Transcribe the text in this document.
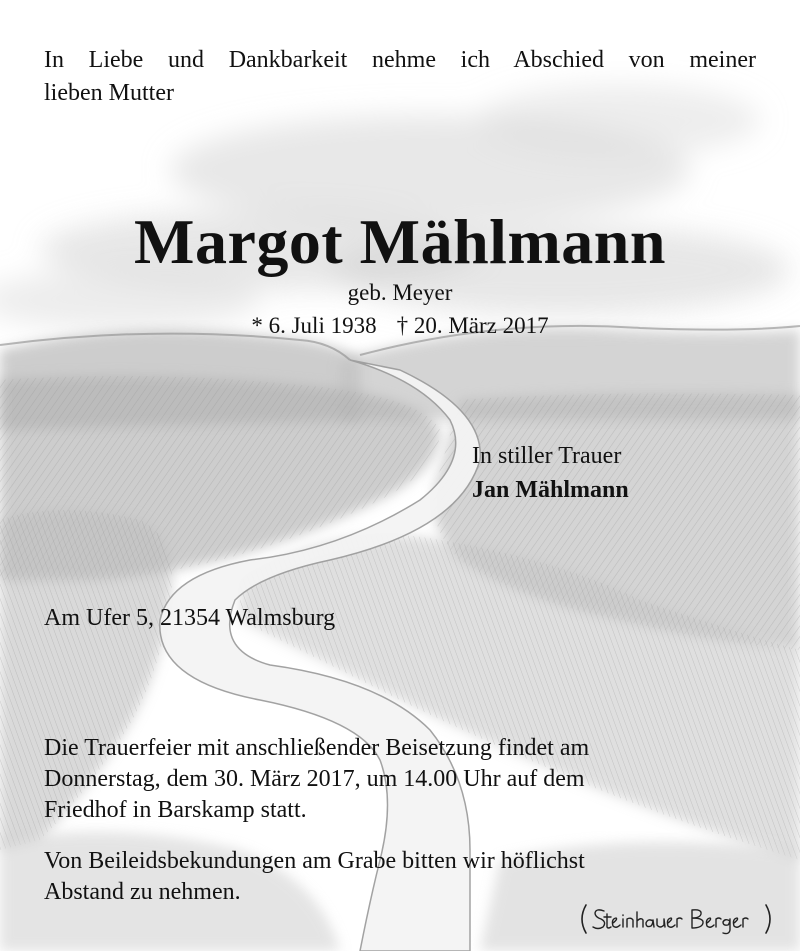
In Liebe und Dankbarkeit nehme ich Abschied von meiner
lieben Mutter
Margot Mählmann
geb. Meyer
* 6. Juli 1938 † 20. März 2017
In stiller Trauer
Jan Mählmann
Am Ufer 5, 21354 Walmsburg
Die Trauerfeier mit anschließender Beisetzung findet am
Donnerstag, dem 30. März 2017, um 14.00 Uhr auf dem
Friedhof in Barskamp statt.
Von Beileidsbekundungen am Grabe bitten wir höflichst
Abstand zu nehmen.
